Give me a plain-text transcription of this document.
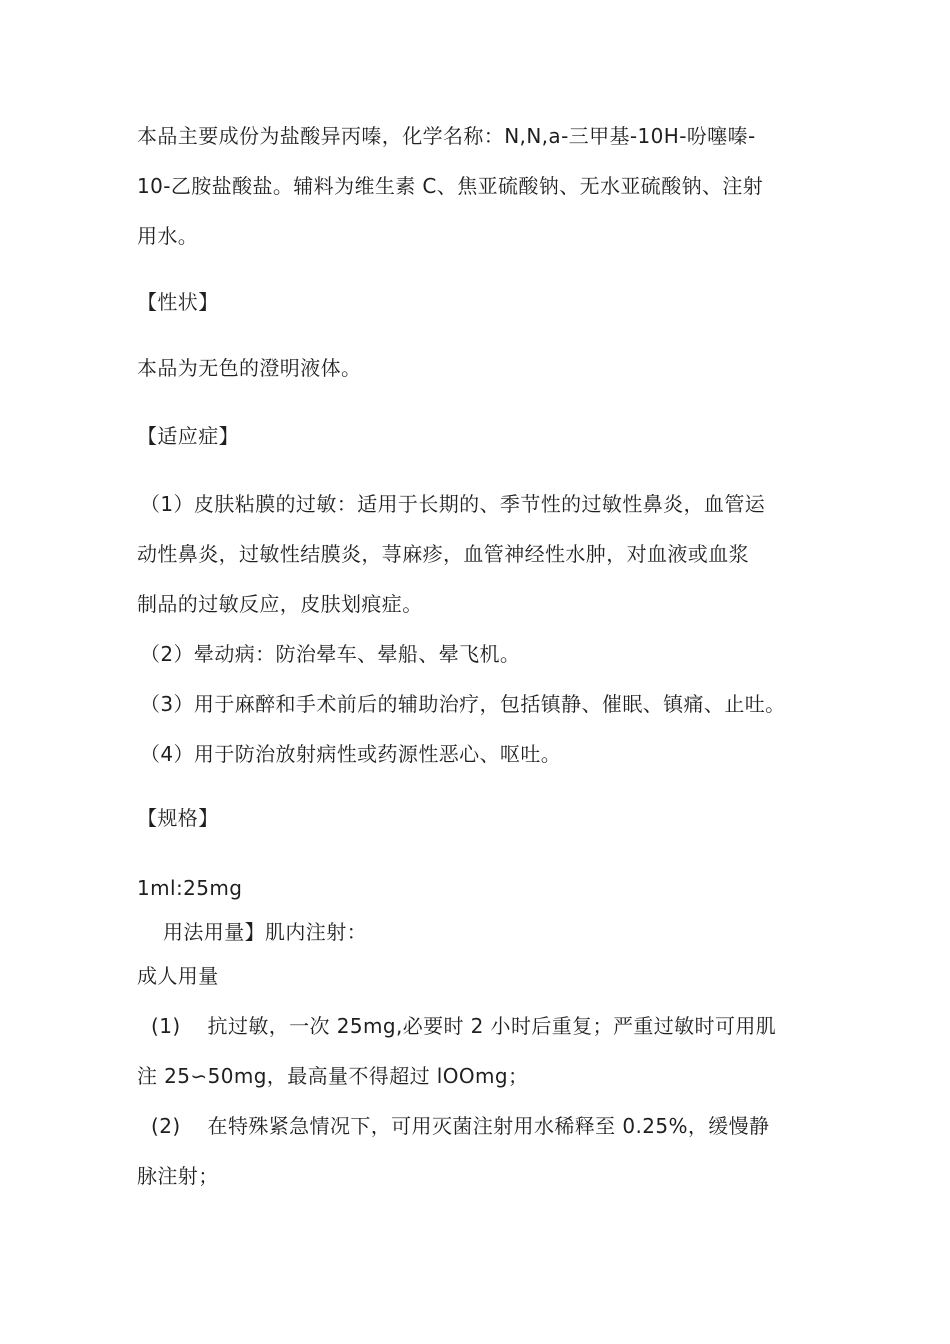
本品主要成份为盐酸异丙嗪，化学名称：N,N,a-三甲基-10H-吩噻嗪-
10-乙胺盐酸盐。辅料为维生素 C、焦亚硫酸钠、无水亚硫酸钠、注射
用水。
【性状】
本品为无色的澄明液体。
【适应症】
（1）皮肤粘膜的过敏：适用于长期的、季节性的过敏性鼻炎，血管运
动性鼻炎，过敏性结膜炎，荨麻疹，血管神经性水肿，对血液或血浆
制品的过敏反应，皮肤划痕症。
（2）晕动病：防治晕车、晕船、晕飞机。
（3）用于麻醉和手术前后的辅助治疗，包括镇静、催眠、镇痛、止吐。
（4）用于防治放射病性或药源性恶心、呕吐。
【规格】
1ml:25mg
用法用量】肌内注射：
成人用量
(1)    抗过敏，一次 25mg,必要时 2 小时后重复；严重过敏时可用肌
注 25∽50mg，最高量不得超过 lOOmg；
(2)    在特殊紧急情况下，可用灭菌注射用水稀释至 0.25%，缓慢静
脉注射；
